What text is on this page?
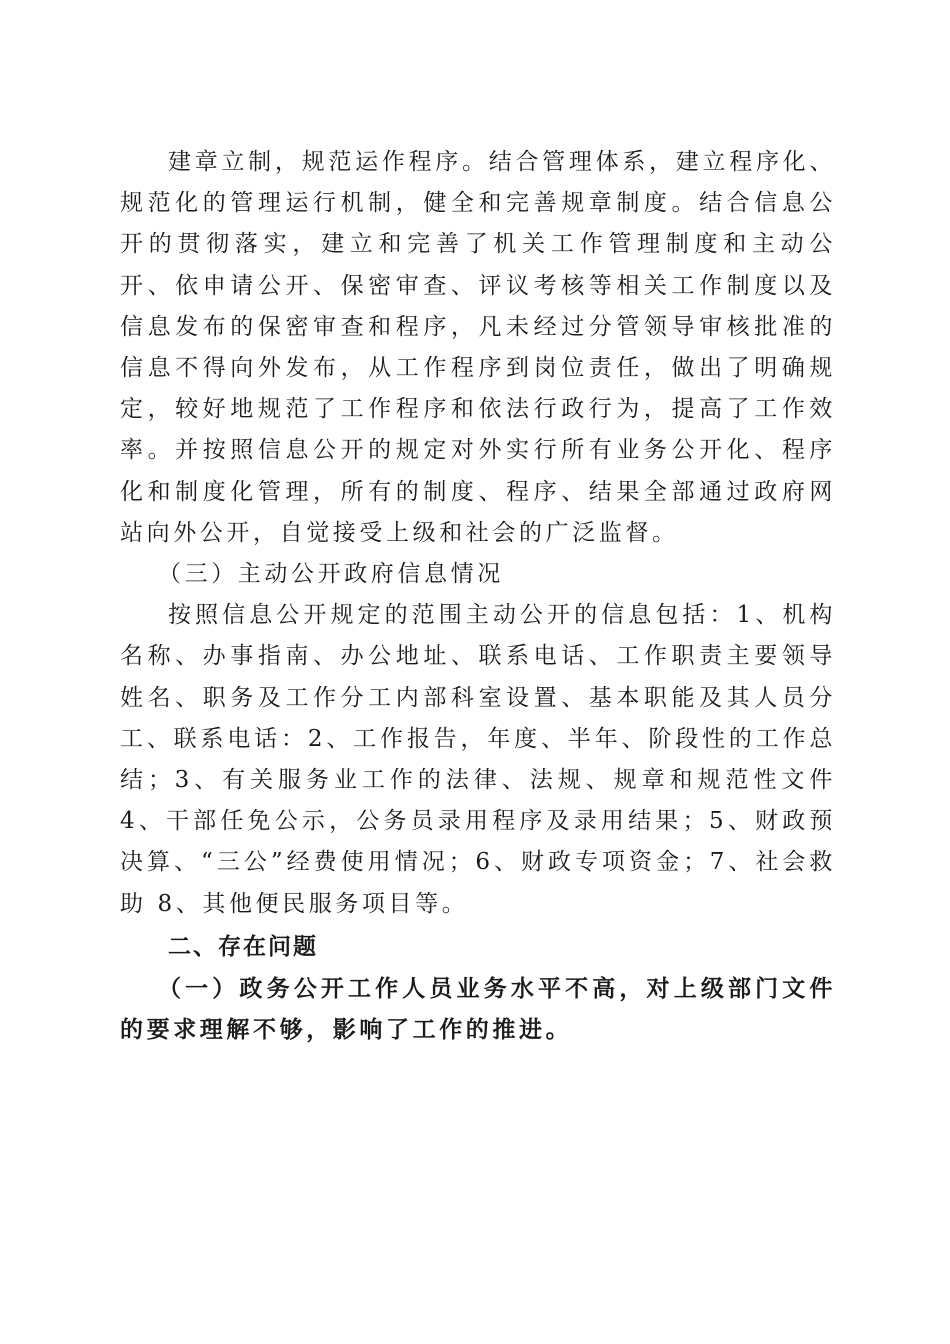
建章立制，规范运作程序。结合管理体系，建立程序化、规范化的管理运行机制，健全和完善规章制度。结合信息公开的贯彻落实，建立和完善了机关工作管理制度和主动公开、依申请公开、保密审查、评议考核等相关工作制度以及信息发布的保密审查和程序，凡未经过分管领导审核批准的信息不得向外发布，从工作程序到岗位责任，做出了明确规定，较好地规范了工作程序和依法行政行为，提高了工作效率。并按照信息公开的规定对外实行所有业务公开化、程序化和制度化管理，所有的制度、程序、结果全部通过政府网站向外公开，自觉接受上级和社会的广泛监督。

（三）主动公开政府信息情况

按照信息公开规定的范围主动公开的信息包括：1、机构名称、办事指南、办公地址、联系电话、工作职责主要领导姓名、职务及工作分工内部科室设置、基本职能及其人员分工、联系电话：2、工作报告，年度、半年、阶段性的工作总结；3、有关服务业工作的法律、法规、规章和规范性文件 4、干部任免公示，公务员录用程序及录用结果；5、财政预决算、“三公”经费使用情况；6、财政专项资金；7、社会救助 8、其他便民服务项目等。

二、存在问题

（一）政务公开工作人员业务水平不高，对上级部门文件的要求理解不够，影响了工作的推进。
